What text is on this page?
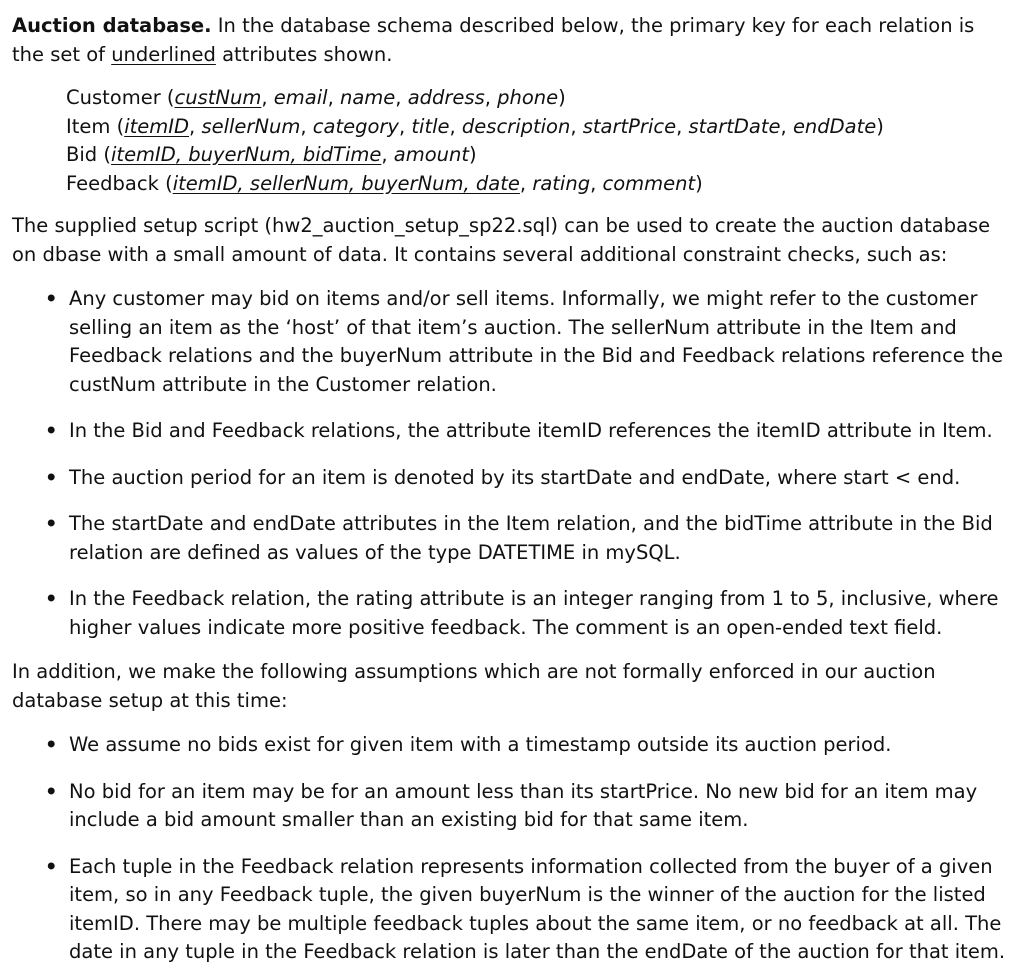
Auction database. In the database schema described below, the primary key for each relation is the set of underlined attributes shown.

Customer (custNum, email, name, address, phone)
Item (itemID, sellerNum, category, title, description, startPrice, startDate, endDate)
Bid (itemID, buyerNum, bidTime, amount)
Feedback (itemID, sellerNum, buyerNum, date, rating, comment)

The supplied setup script (hw2_auction_setup_sp22.sql) can be used to create the auction database on dbase with a small amount of data. It contains several additional constraint checks, such as:

• Any customer may bid on items and/or sell items. Informally, we might refer to the customer selling an item as the ‘host’ of that item’s auction. The sellerNum attribute in the Item and Feedback relations and the buyerNum attribute in the Bid and Feedback relations reference the custNum attribute in the Customer relation.
• In the Bid and Feedback relations, the attribute itemID references the itemID attribute in Item.
• The auction period for an item is denoted by its startDate and endDate, where start < end.
• The startDate and endDate attributes in the Item relation, and the bidTime attribute in the Bid relation are defined as values of the type DATETIME in mySQL.
• In the Feedback relation, the rating attribute is an integer ranging from 1 to 5, inclusive, where higher values indicate more positive feedback. The comment is an open-ended text field.

In addition, we make the following assumptions which are not formally enforced in our auction database setup at this time:

• We assume no bids exist for given item with a timestamp outside its auction period.
• No bid for an item may be for an amount less than its startPrice. No new bid for an item may include a bid amount smaller than an existing bid for that same item.
• Each tuple in the Feedback relation represents information collected from the buyer of a given item, so in any Feedback tuple, the given buyerNum is the winner of the auction for the listed itemID. There may be multiple feedback tuples about the same item, or no feedback at all. The date in any tuple in the Feedback relation is later than the endDate of the auction for that item.
